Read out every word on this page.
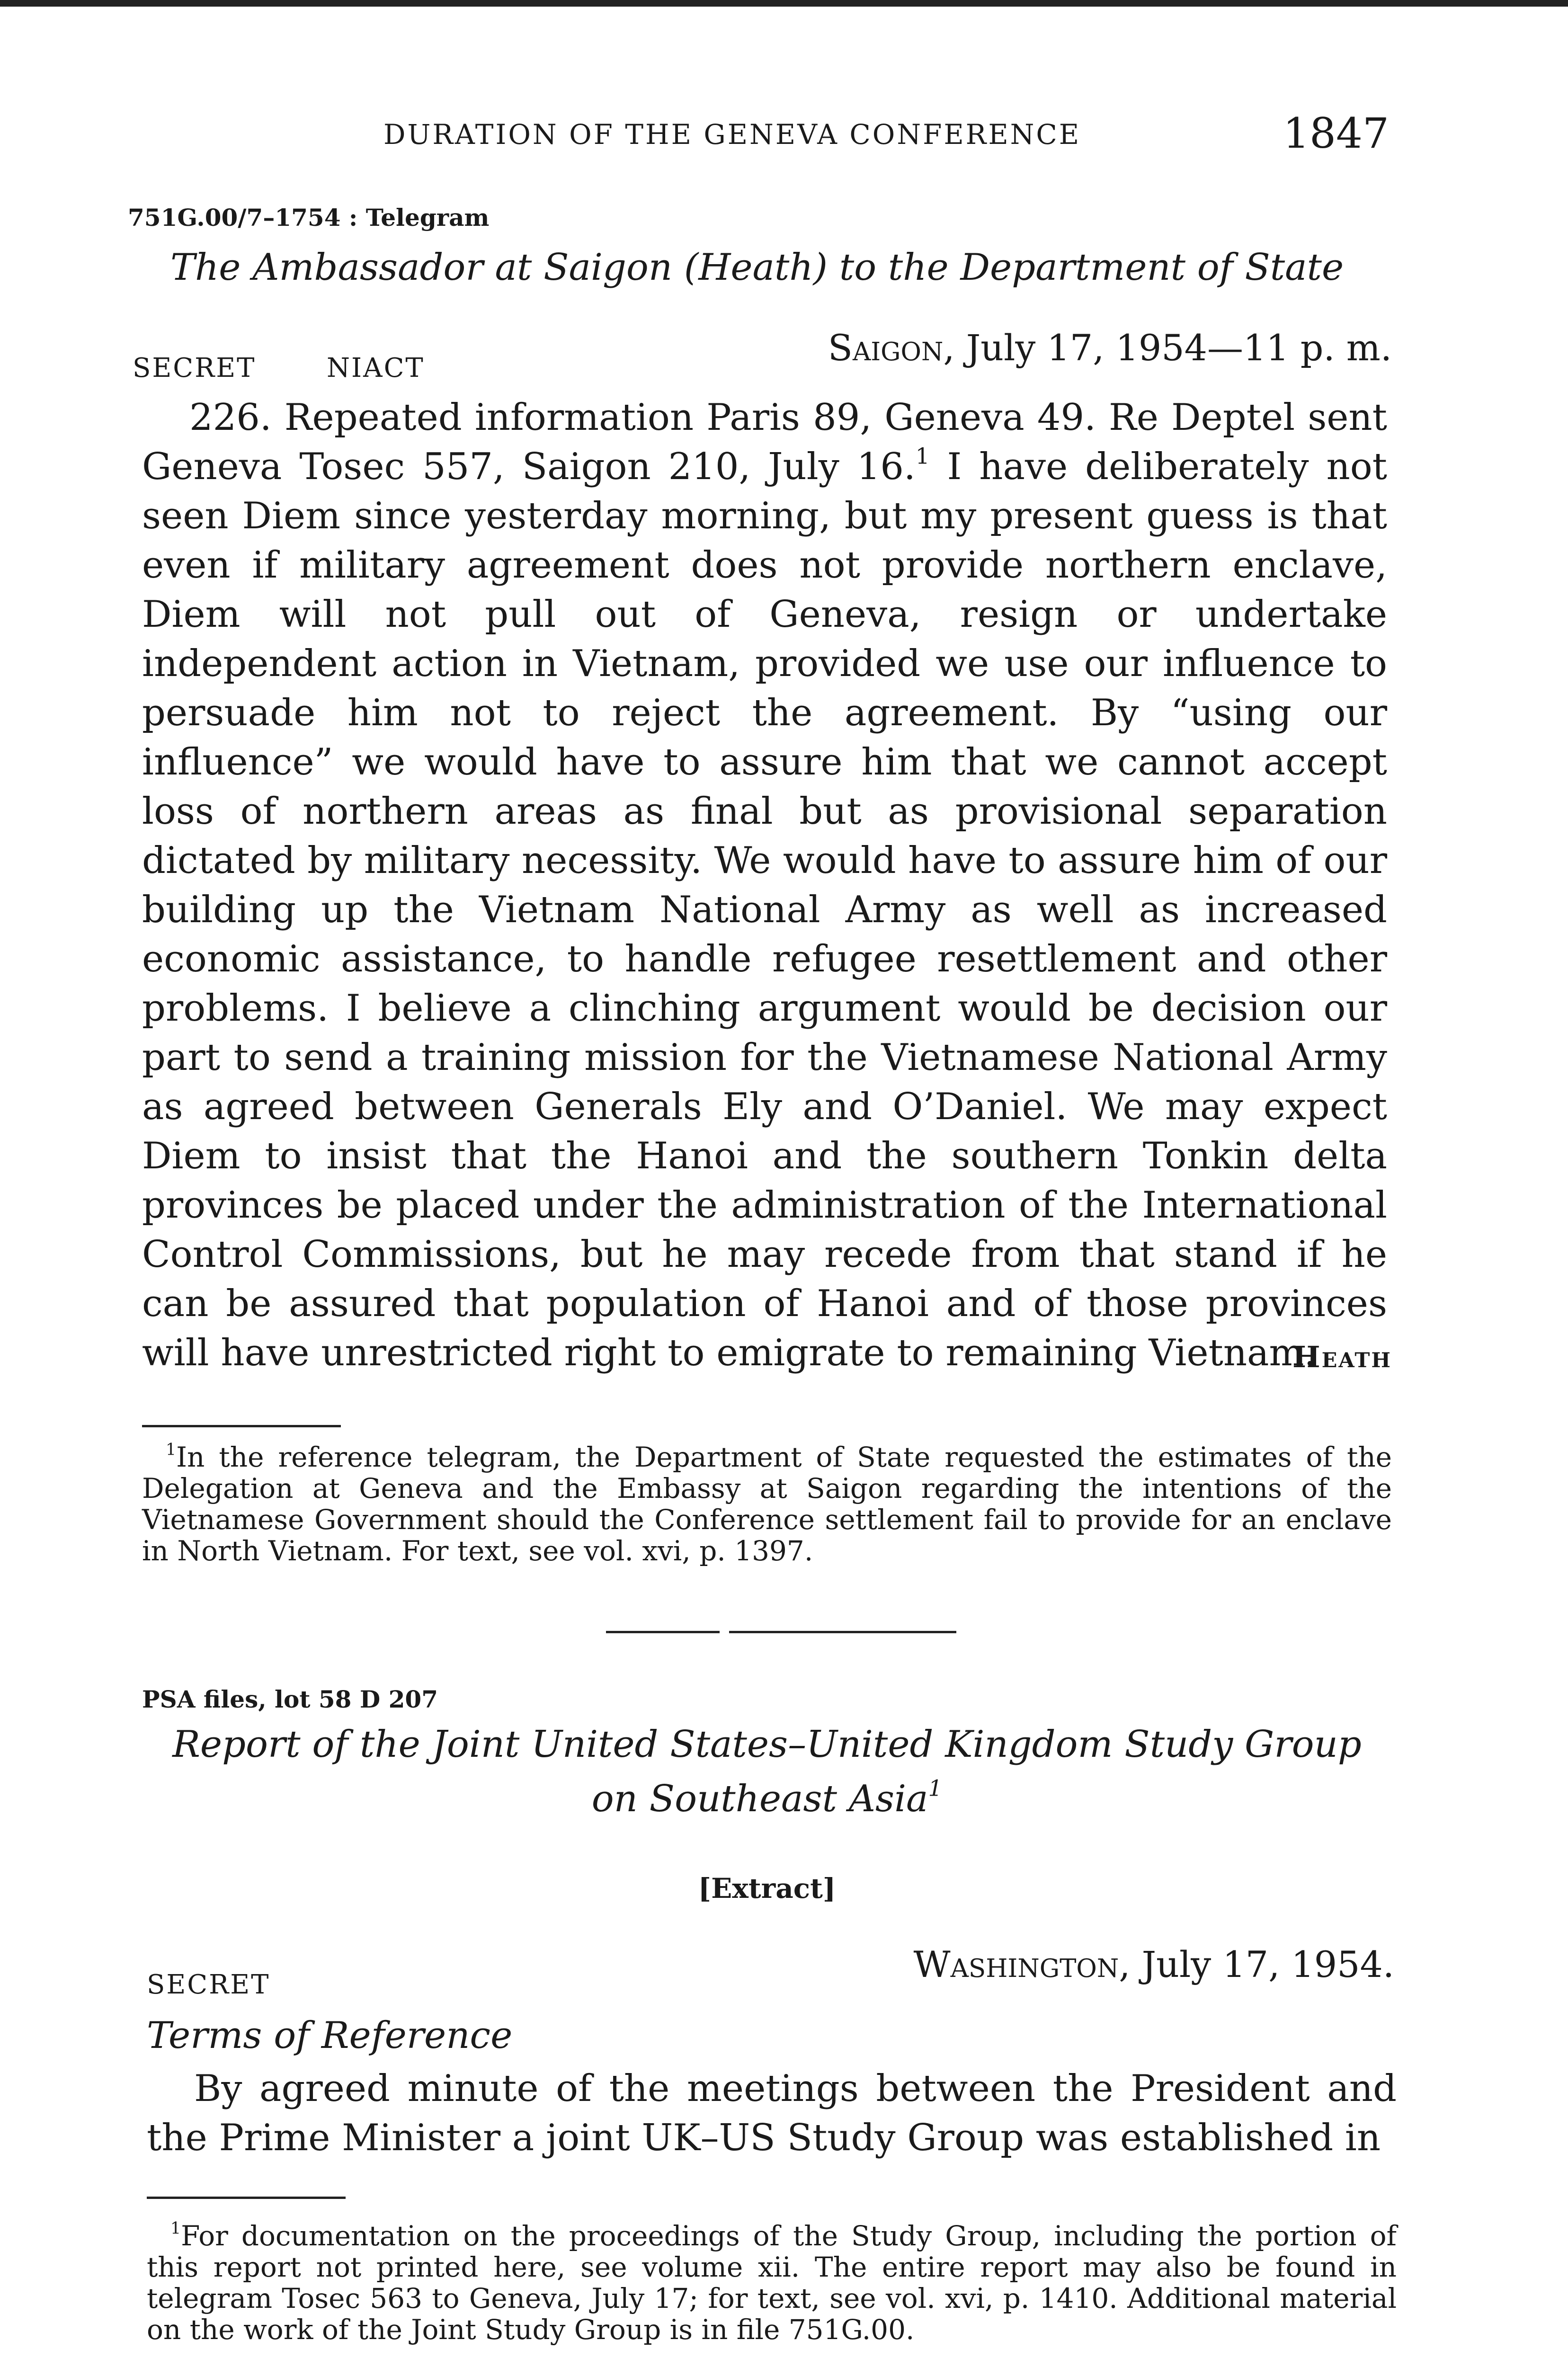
DURATION OF THE GENEVA CONFERENCE	1847
751G.00/7–1754 : Telegram
The Ambassador at Saigon (Heath) to the Department of State
SECRET	NIACT	Saigon, July 17, 1954—11 p. m.

226. Repeated information Paris 89, Geneva 49. Re Deptel sent Geneva Tosec 557, Saigon 210, July 16.$^1$ I have deliberately not seen Diem since yesterday morning, but my present guess is that even if military agreement does not provide northern enclave, Diem will not pull out of Geneva, resign or undertake independent action in Vietnam, provided we use our influence to persuade him not to reject the agreement. By “using our influence” we would have to assure him that we cannot accept loss of northern areas as final but as provisional separation dictated by military necessity. We would have to assure him of our building up the Vietnam National Army as well as increased economic assistance, to handle refugee resettlement and other problems. I believe a clinching argument would be decision our part to send a training mission for the Vietnamese National Army as agreed between Generals Ely and O’Daniel. We may expect Diem to insist that the Hanoi and the southern Tonkin delta provinces be placed under the administration of the International Control Commissions, but he may recede from that stand if he can be assured that population of Hanoi and of those provinces will have unrestricted right to emigrate to remaining Vietnam.

Heath

$^1$In the reference telegram, the Department of State requested the estimates of the Delegation at Geneva and the Embassy at Saigon regarding the intentions of the Vietnamese Government should the Conference settlement fail to provide for an enclave in North Vietnam. For text, see vol. xvi, p. 1397.

PSA files, lot 58 D 207
Report of the Joint United States–United Kingdom Study Group
on Southeast Asia$^1$
[Extract]
SECRET	Washington, July 17, 1954.
Terms of Reference

By agreed minute of the meetings between the President and the Prime Minister a joint UK–US Study Group was established in

$^1$For documentation on the proceedings of the Study Group, including the portion of this report not printed here, see volume xii. The entire report may also be found in telegram Tosec 563 to Geneva, July 17; for text, see vol. xvi, p. 1410. Additional material on the work of the Joint Study Group is in file 751G.00.
